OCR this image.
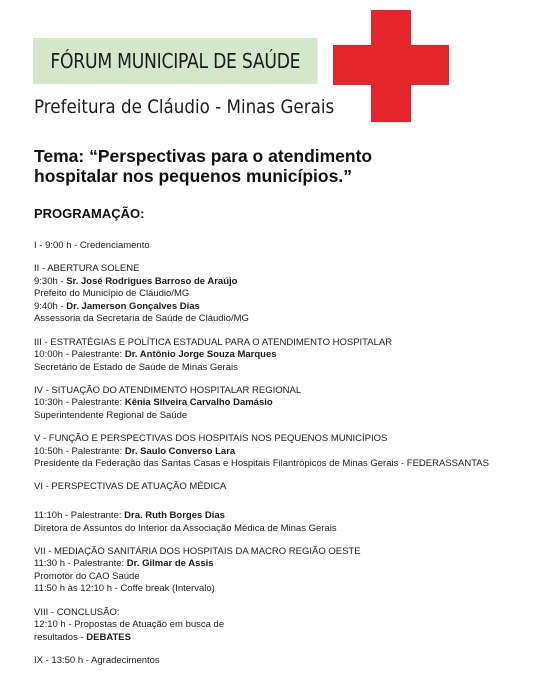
FÓRUM MUNICIPAL DE SAÚDE
Prefeitura de Cláudio - Minas Gerais
Tema: “Perspectivas para o atendimento
hospitalar nos pequenos municípios.”
PROGRAMAÇÃO:
I - 9:00 h - Credenciamento
II - ABERTURA SOLENE
9:30h - Sr. José Rodrigues Barroso de Araújo
Prefeito do Município de Cláudio/MG
9:40h - Dr. Jamerson Gonçalves Dias
Assessoria da Secretaria de Saúde de Cláudio/MG
III - ESTRATÉGIAS E POLÍTICA ESTADUAL PARA O ATENDIMENTO HOSPITALAR
10:00h - Palestrante: Dr. Antônio Jorge Souza Marques
Secretário de Estado de Saúde de Minas Gerais
IV - SITUAÇÃO DO ATENDIMENTO HOSPITALAR REGIONAL
10:30h - Palestrante: Kênia Silveira Carvalho Damásio
Superintendente Regional de Saúde
V - FUNÇÃO E PERSPECTIVAS DOS HOSPITAIS NOS PEQUENOS MUNICÍPIOS
10:50h - Palestrante: Dr. Saulo Converso Lara
Presidente da Federação das Santas Casas e Hospitais Filantrópicos de Minas Gerais - FEDERASSANTAS
VI - PERSPECTIVAS DE ATUAÇÃO MÉDICA
11:10h - Palestrante: Dra. Ruth Borges Dias
Diretora de Assuntos do Interior da Associação Médica de Minas Gerais
VII - MEDIAÇÃO SANITÁRIA DOS HOSPITAIS DA MACRO REGIÃO OESTE
11:30 h - Palestrante: Dr. Gilmar de Assis
Promotor do CAO Saúde
11:50 h às 12:10 h - Coffe break (Intervalo)
VIII - CONCLUSÃO:
12:10 h - Propostas de Atuação em busca de
resultados - DEBATES
IX - 13:50 h - Agradecimentos
